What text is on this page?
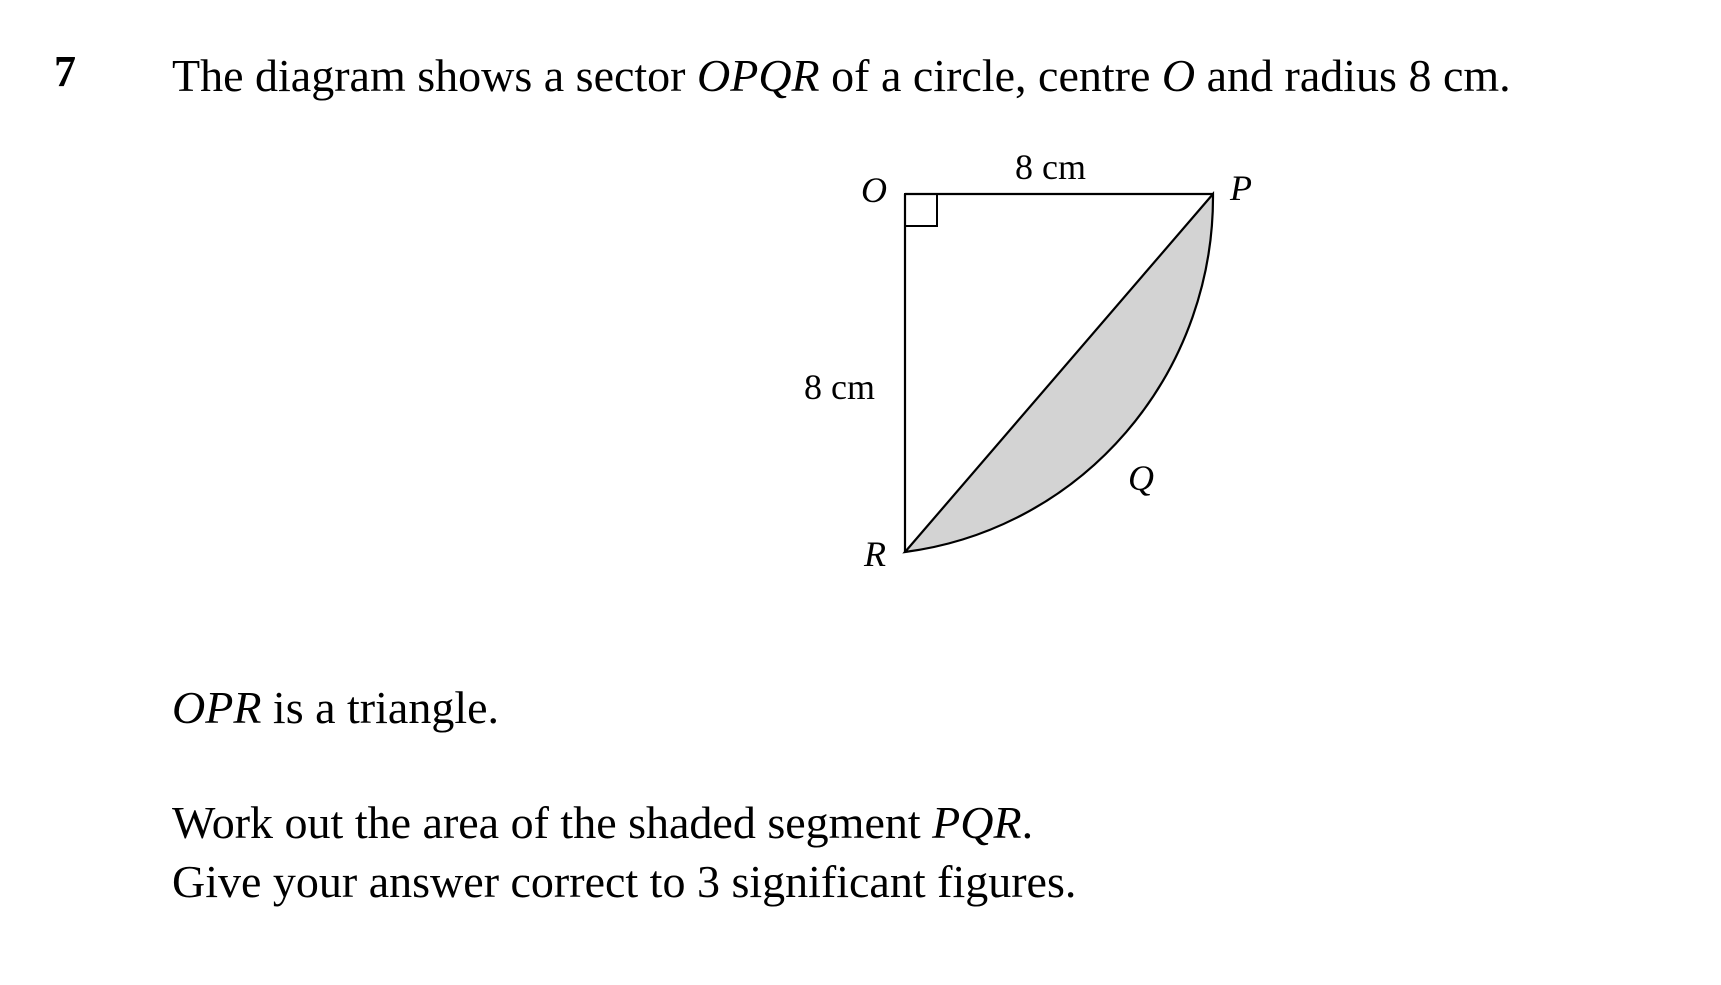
7 The diagram shows a sector OPQR of a circle, centre O and radius 8 cm.
O	P
Q
R
8 cm
8 cm
OPR is a triangle.
Work out the area of the shaded segment PQR.
Give your answer correct to 3 significant figures.
